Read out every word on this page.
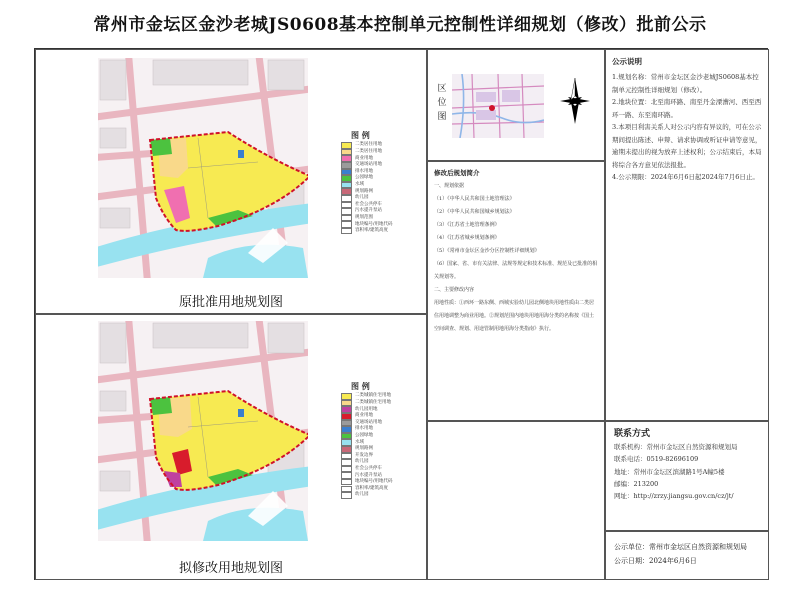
常州市金坛区金沙老城JS0608基本控制单元控制性详细规划（修改）批前公示
图 例
二类居住用地
二类居住用地
商业用地
交通场站用地
排水用地
公园绿地
水域
规划路网
幼儿园
社会公共停车
污水提升泵站
规划范围
地块编号/用地代码
容积率/建筑高度
原批准用地规划图
图 例
二类城镇住宅用地
二类城镇住宅用地
幼儿园用地
商业用地
交通场站用地
排水用地
公园绿地
水域
规划路网
开发边界
幼儿园
社会公共停车
污水提升泵站
地块编号/用地代码
容积率/建筑高度
幼儿园
拟修改用地规划图
区
位
图
修改后规划简介
一、规划依据
（1）《中华人民共和国土地管理法》
（2）《中华人民共和国城乡规划法》
（3）《江苏省土地管理条例》
（4）《江苏省城乡规划条例》
（5）《常州市金坛区金沙分区控制性详细规划》
（6）国家、省、市有关法律、法规等规定和技术标准、规范及已批准的相关规划等。
二、主要修改内容
用地性质：①西环一路东侧、西城实验幼儿园北侧地块用地性质由二类居住用地调整为商业用地。②规划范围内地块用地用海分类的名称按《国土空间调查、规划、用途管制用地用海分类指南》执行。
公示说明
1.规划名称：常州市金坛区金沙老城JS0608基本控制单元控制性详细规划（修改）。
2.地块位置：北至南环路、南至丹金溧漕河、西至西环一路、东至南环路。
3.本项目利害关系人对公示内容有异议的，可在公示期间提出陈述、申辩、请求协调或听证申请等意见，逾期未提出的视为放弃上述权利；公示结束后，本局将综合各方意见依法报批。
4.公示期限：2024年6月6日起2024年7月6日止。
联系方式
联系机构：常州市金坛区自然资源和规划局
联系电话：0519-82696109
地址：常州市金坛区滨湖路1号A幢5楼
邮编：213200
网址：http://zrzy.jiangsu.gov.cn/cz/jt/
公示单位：常州市金坛区自然资源和规划局
公示日期：2024年6月6日
